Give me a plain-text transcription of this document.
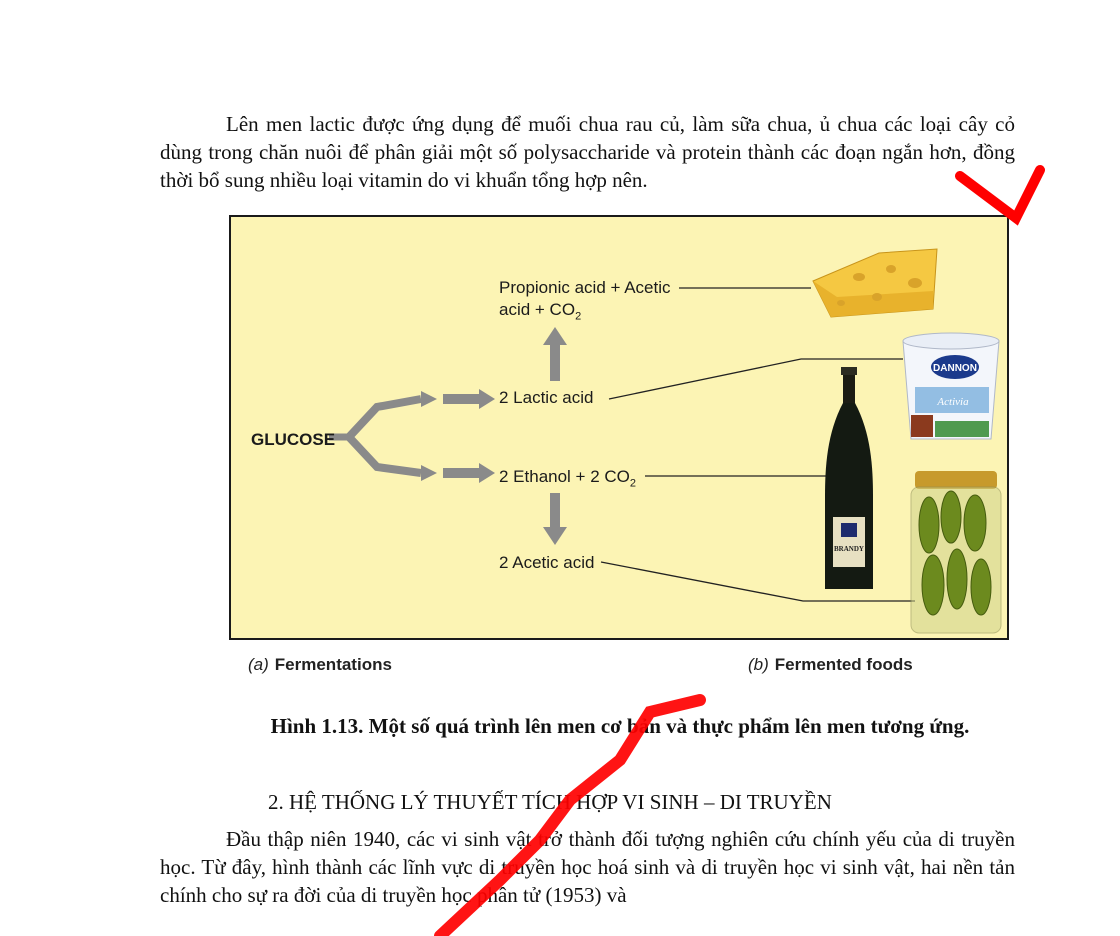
Lên men lactic được ứng dụng để muối chua rau củ, làm sữa chua, ủ chua các loại cây cỏ dùng trong chăn nuôi để phân giải một số polysaccharide và protein thành các đoạn ngắn hơn, đồng thời bổ sung nhiều loại vitamin do vi khuẩn tổng hợp nên.

DANNON
Activia
BRANDY
GLUCOSE
Propionic acid + Acetic
acid + $CO_2$
2 Lactic acid
2 Ethanol + 2 $CO_2$
2 Acetic acid
(a) Fermentations	(b) Fermented foods
Hình 1.13. Một số quá trình lên men cơ bản và thực phẩm lên men tương ứng.
2. HỆ THỐNG LÝ THUYẾT TÍCH HỢP VI SINH – DI TRUYỀN

Đầu thập niên 1940, các vi sinh vật trở thành đối tượng nghiên cứu chính yếu của di truyền học. Từ đây, hình thành các lĩnh vực di truyền học hoá sinh và di truyền học vi sinh vật, hai nền tản chính cho sự ra đời của di truyền học phân tử (1953) và
